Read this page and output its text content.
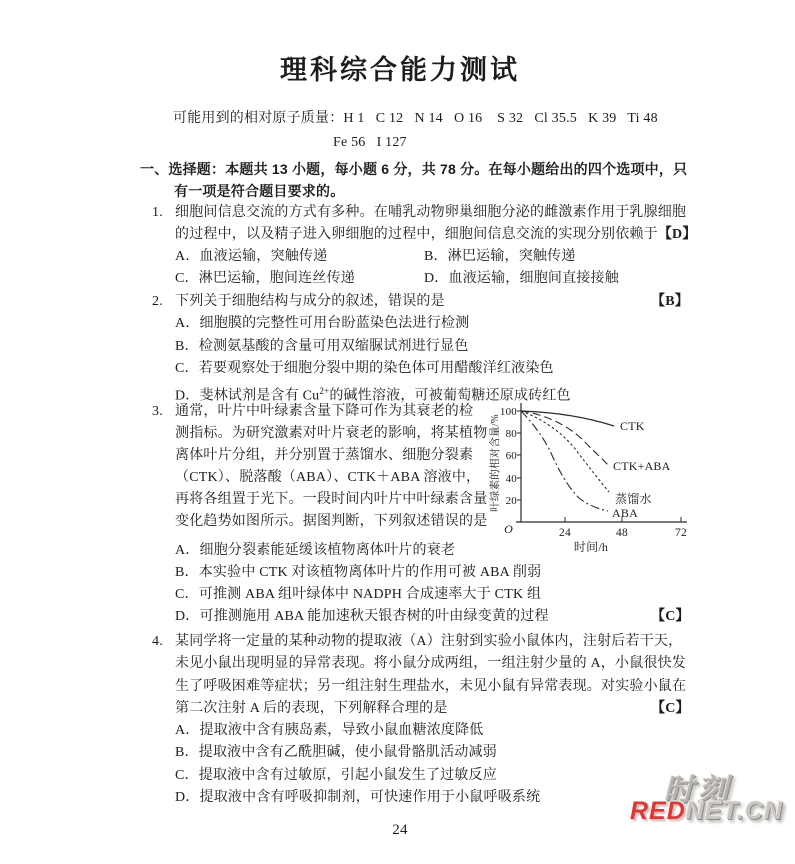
理科综合能力测试
可能用到的相对原子质量：H 1   C 12   N 14   O 16    S 32   Cl 35.5   K 39   Ti 48
Fe 56   I 127
一、选择题：本题共 13 小题，每小题 6 分，共 78 分。在每小题给出的四个选项中，只
有一项是符合题目要求的。
1. 细胞间信息交流的方式有多种。在哺乳动物卵巢细胞分泌的雌激素作用于乳腺细胞
的过程中，以及精子进入卵细胞的过程中，细胞间信息交流的实现分别依赖于【D】
A．血液运输，突触传递	B．淋巴运输，突触传递
C．淋巴运输，胞间连丝传递	D．血液运输，细胞间直接接触
2. 下列关于细胞结构与成分的叙述，错误的是	【B】
A．细胞膜的完整性可用台盼蓝染色法进行检测
B．检测氨基酸的含量可用双缩脲试剂进行显色
C．若要观察处于细胞分裂中期的染色体可用醋酸洋红液染色
D．斐林试剂是含有 $Cu^{2+}$的碱性溶液，可被葡萄糖还原成砖红色
3. 通常，叶片中叶绿素含量下降可作为其衰老的检
测指标。为研究激素对叶片衰老的影响，将某植物
离体叶片分组，并分别置于蒸馏水、细胞分裂素
（CTK）、脱落酸（ABA）、CTK＋ABA 溶液中，
再将各组置于光下。一段时间内叶片中叶绿素含量
变化趋势如图所示。据图判断，下列叙述错误的是
A．细胞分裂素能延缓该植物离体叶片的衰老
B．本实验中 CTK 对该植物离体叶片的作用可被 ABA 削弱
C．可推测 ABA 组叶绿体中 NADPH 合成速率大于 CTK 组
D．可推测施用 ABA 能加速秋天银杏树的叶由绿变黄的过程	【C】
100
80
60
40
20
O	24	48	72
时间/h
叶绿素的相对含量/%	CTK
CTK+ABA
蒸馏水
ABA
4. 某同学将一定量的某种动物的提取液（A）注射到实验小鼠体内，注射后若干天，
未见小鼠出现明显的异常表现。将小鼠分成两组，一组注射少量的 A，小鼠很快发
生了呼吸困难等症状；另一组注射生理盐水，未见小鼠有异常表现。对实验小鼠在
第二次注射 A 后的表现，下列解释合理的是	【C】
A．提取液中含有胰岛素，导致小鼠血糖浓度降低
B．提取液中含有乙酰胆碱，使小鼠骨骼肌活动减弱
C．提取液中含有过敏原，引起小鼠发生了过敏反应
D．提取液中含有呼吸抑制剂，可快速作用于小鼠呼吸系统
24
时刻
REDNET.CN
